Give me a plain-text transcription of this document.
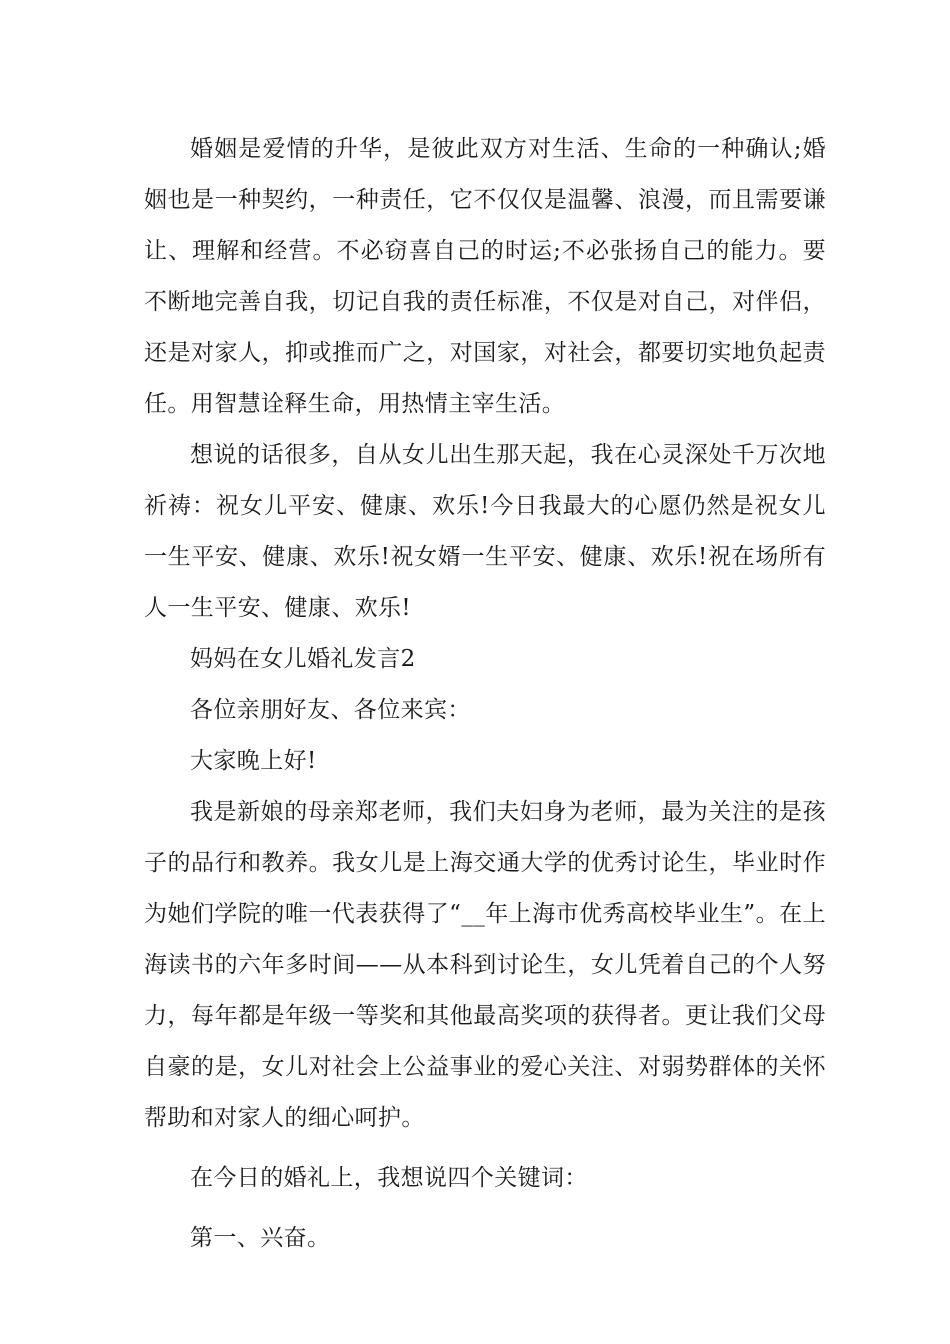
婚姻是爱情的升华，是彼此双方对生活、生命的一种确认;婚姻也是一种契约，一种责任，它不仅仅是温馨、浪漫，而且需要谦让、理解和经营。不必窃喜自己的时运;不必张扬自己的能力。要不断地完善自我，切记自我的责任标准，不仅是对自己，对伴侣，还是对家人，抑或推而广之，对国家，对社会，都要切实地负起责任。用智慧诠释生命，用热情主宰生活。

想说的话很多，自从女儿出生那天起，我在心灵深处千万次地祈祷：祝女儿平安、健康、欢乐!今日我最大的心愿仍然是祝女儿一生平安、健康、欢乐!祝女婿一生平安、健康、欢乐!祝在场所有人一生平安、健康、欢乐!

妈妈在女儿婚礼发言2

各位亲朋好友、各位来宾：

大家晚上好!

我是新娘的母亲郑老师，我们夫妇身为老师，最为关注的是孩子的品行和教养。我女儿是上海交通大学的优秀讨论生，毕业时作为她们学院的唯一代表获得了“__年上海市优秀高校毕业生”。在上海读书的六年多时间——从本科到讨论生，女儿凭着自己的个人努力，每年都是年级一等奖和其他最高奖项的获得者。更让我们父母自豪的是，女儿对社会上公益事业的爱心关注、对弱势群体的关怀帮助和对家人的细心呵护。

在今日的婚礼上，我想说四个关键词：

第一、兴奋。
